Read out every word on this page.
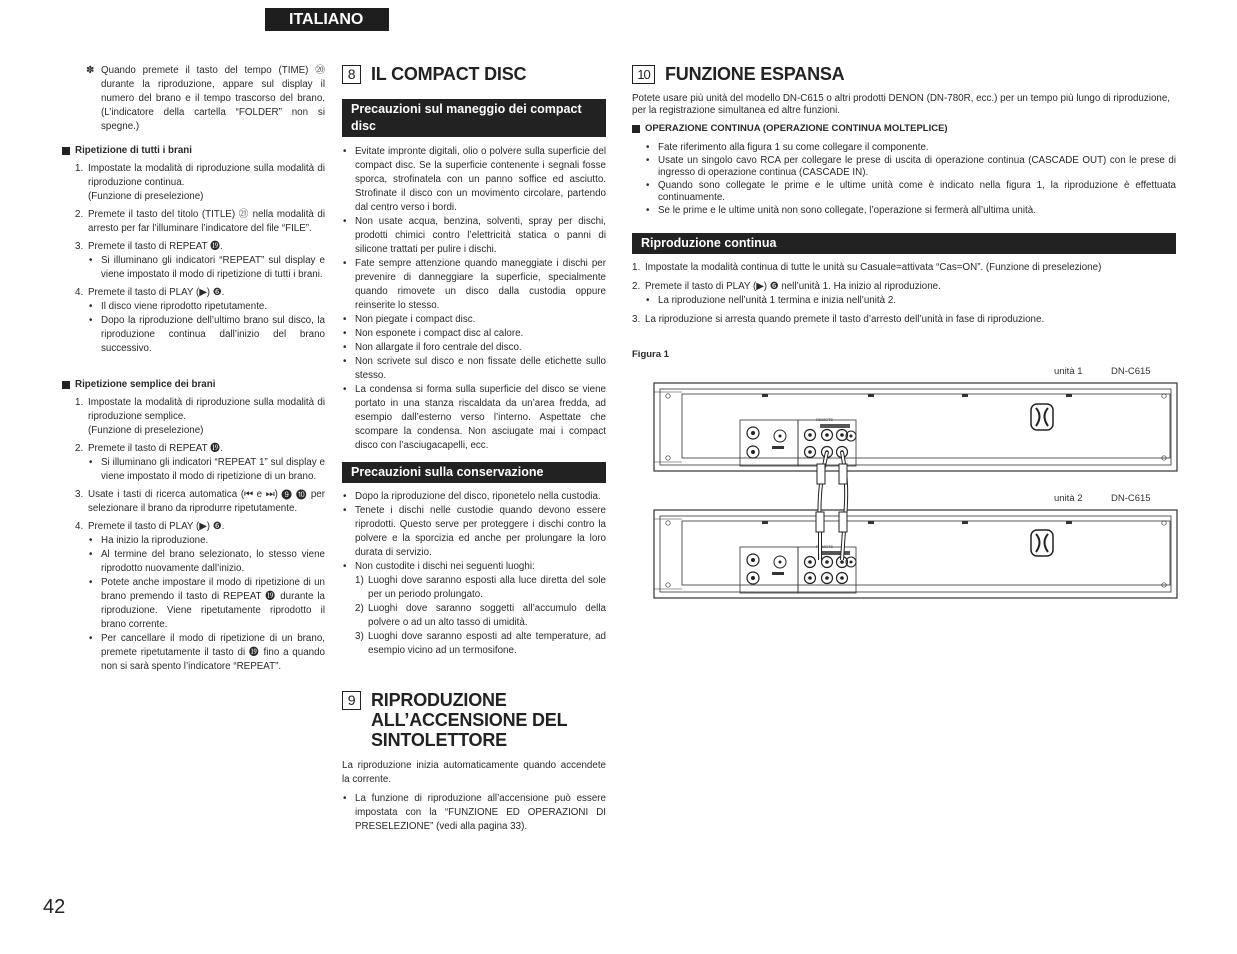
ITALIANO
✽ Quando premete il tasto del tempo (TIME) ⑳ durante la riproduzione, appare sul display il numero del brano e il tempo trascorso del brano. (L’indicatore della cartella “FOLDER” non si spegne.)
Ripetizione di tutti i brani
1. Impostate la modalità di riproduzione sulla modalità di riproduzione continua.
(Funzione di preselezione)
2. Premete il tasto del titolo (TITLE) ㉑ nella modalità di arresto per far l’illuminare l’indicatore del file “FILE”.
3. Premete il tasto di REPEAT ⓳.
• Si illuminano gli indicatori “REPEAT” sul display e viene impostato il modo di ripetizione di tutti i brani.
4. Premete il tasto di PLAY (▶) ❻.
• Il disco viene riprodotto ripetutamente.
• Dopo la riproduzione dell’ultimo brano sul disco, la riproduzione continua dall’inizio del brano successivo.
Ripetizione semplice dei brani
1. Impostate la modalità di riproduzione sulla modalità di riproduzione semplice.
(Funzione di preselezione)
2. Premete il tasto di REPEAT ⓳.
• Si illuminano gli indicatori “REPEAT 1” sul display e viene impostato il modo di ripetizione di un brano.
3. Usate i tasti di ricerca automatica (⏮ e ⏭) ❾ ❿ per selezionare il brano da riprodurre ripetutamente.
4. Premete il tasto di PLAY (▶) ❻.
• Ha inizio la riproduzione.
• Al termine del brano selezionato, lo stesso viene riprodotto nuovamente dall’inizio.
• Potete anche impostare il modo di ripetizione di un brano premendo il tasto di REPEAT ⓳ durante la riproduzione. Viene ripetutamente riprodotto il brano corrente.
• Per cancellare il modo di ripetizione di un brano, premete ripetutamente il tasto di ⓳ fino a quando non si sarà spento l’indicatore “REPEAT”.
8 IL COMPACT DISC
Precauzioni sul maneggio dei compact disc
• Evitate impronte digitali, olio o polvere sulla superficie del compact disc. Se la superficie contenente i segnali fosse sporca, strofinatela con un panno soffice ed asciutto. Strofinate il disco con un movimento circolare, partendo dal centro verso i bordi.
• Non usate acqua, benzina, solventi, spray per dischi, prodotti chimici contro l’elettricità statica o panni di silicone trattati per pulire i dischi.
• Fate sempre attenzione quando maneggiate i dischi per prevenire di danneggiare la superficie, specialmente quando rimovete un disco dalla custodia oppure reinserite lo stesso.
• Non piegate i compact disc.
• Non esponete i compact disc al calore.
• Non allargate il foro centrale del disco.
• Non scrivete sul disco e non fissate delle etichette sullo stesso.
• La condensa si forma sulla superficie del disco se viene portato in una stanza riscaldata da un’area fredda, ad esempio dall’esterno verso l’interno. Aspettate che scompare la condensa. Non asciugate mai i compact disco con l’asciugacapelli, ecc.
Precauzioni sulla conservazione
• Dopo la riproduzione del disco, riponetelo nella custodia.
• Tenete i dischi nelle custodie quando devono essere riprodotti. Questo serve per proteggere i dischi contro la polvere e la sporcizia ed anche per prolungare la loro durata di servizio.
• Non custodite i dischi nei seguenti luoghi:
1) Luoghi dove saranno esposti alla luce diretta del sole per un periodo prolungato.
2) Luoghi dove saranno soggetti all’accumulo della polvere o ad un alto tasso di umidità.
3) Luoghi dove saranno esposti ad alte temperature, ad esempio vicino ad un termosifone.
9 RIPRODUZIONE ALL’ACCENSIONE DEL SINTOLETTORE

La riproduzione inizia automaticamente quando accendete la corrente.

• La funzione di riproduzione all’accensione può essere impostata con la “FUNZIONE ED OPERAZIONI DI PRESELEZIONE” (vedi alla pagina 33).
10 FUNZIONE ESPANSA

Potete usare più unità del modello DN-C615 o altri prodotti DENON (DN-780R, ecc.) per un tempo più lungo di riproduzione, per la registrazione simultanea ed altre funzioni.

OPERAZIONE CONTINUA (OPERAZIONE CONTINUA MOLTEPLICE)
• Fate riferimento alla figura 1 su come collegare il componente.
• Usate un singolo cavo RCA per collegare le prese di uscita di operazione continua (CASCADE OUT) con le prese di ingresso di operazione continua (CASCADE IN).
• Quando sono collegate le prime e le ultime unità come è indicato nella figura 1, la riproduzione è effettuata continuamente.
• Se le prime e le ultime unità non sono collegate, l’operazione si fermerà all’ultima unità.
Riproduzione continua
1. Impostate la modalità continua di tutte le unità su Casuale=attivata “Cas=ON”. (Funzione di preselezione)
2. Premete il tasto di PLAY (▶) ❻ nell’unità 1. Ha inizio al riproduzione.
• La riproduzione nell’unità 1 termina e inizia nell’unità 2.
3. La riproduzione si arresta quando premete il tasto d’arresto dell’unità in fase di riproduzione.
Figura 1
unità 1	DN-C615
unità 2	DN-C615
REMOTE
REMOTE
42
